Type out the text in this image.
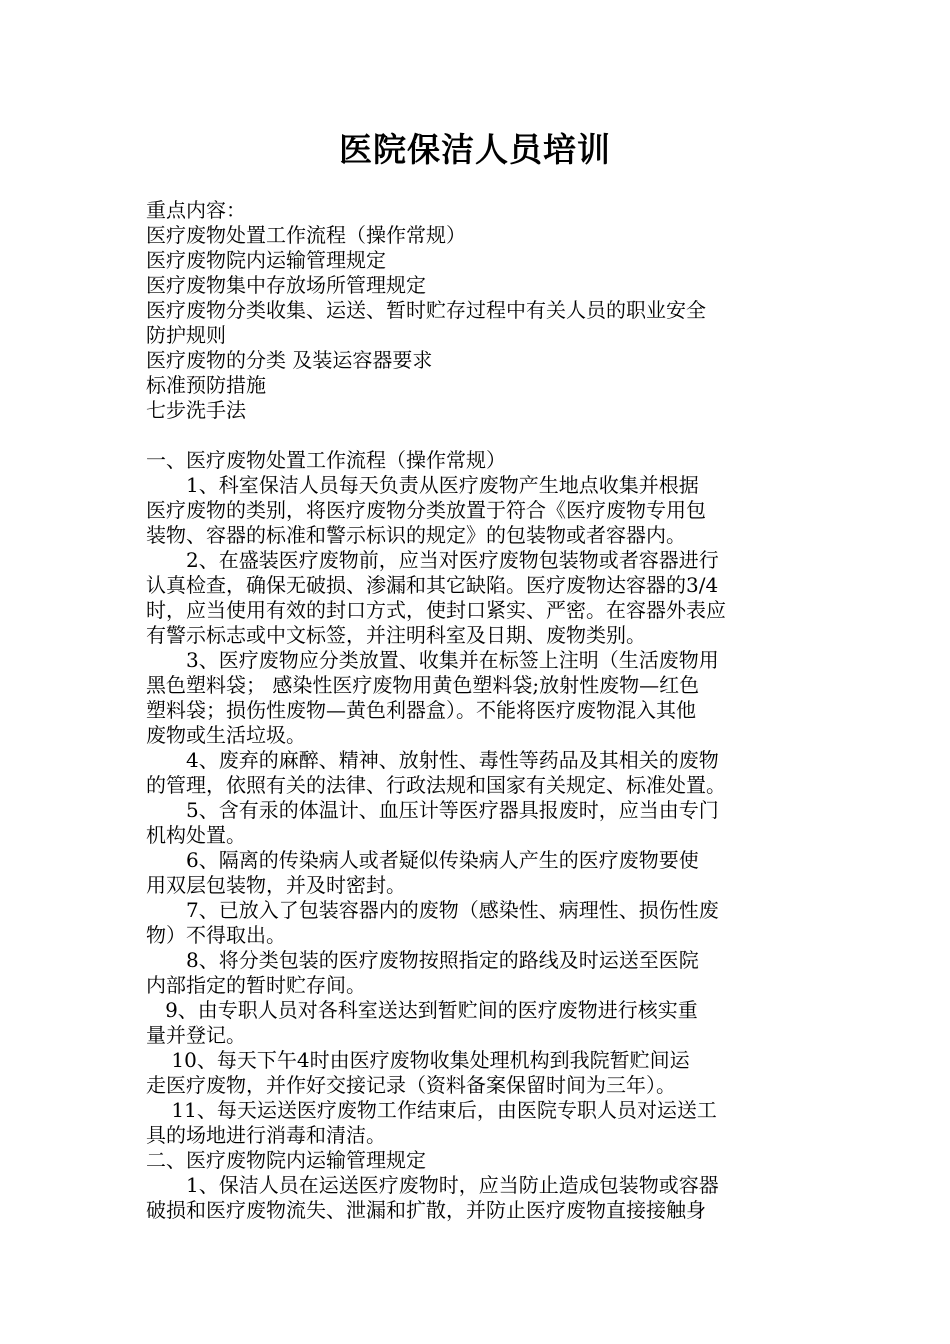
医院保洁人员培训
重点内容：
医疗废物处置工作流程（操作常规）
医疗废物院内运输管理规定
医疗废物集中存放场所管理规定
医疗废物分类收集、运送、暂时贮存过程中有关人员的职业安全
防护规则
医疗废物的分类 及装运容器要求
标准预防措施
七步洗手法
一、医疗废物处置工作流程（操作常规）
　　1、科室保洁人员每天负责从医疗废物产生地点收集并根据
医疗废物的类别，将医疗废物分类放置于符合《医疗废物专用包
装物、容器的标准和警示标识的规定》的包装物或者容器内。
　　2、在盛装医疗废物前，应当对医疗废物包装物或者容器进行
认真检查，确保无破损、渗漏和其它缺陷。医疗废物达容器的3/4
时，应当使用有效的封口方式，使封口紧实、严密。在容器外表应
有警示标志或中文标签，并注明科室及日期、废物类别。
　　3、医疗废物应分类放置、收集并在标签上注明（生活废物用
黑色塑料袋； 感染性医疗废物用黄色塑料袋;放射性废物—红色
塑料袋；损伤性废物—黄色利器盒）。不能将医疗废物混入其他
废物或生活垃圾。
　　4、废弃的麻醉、精神、放射性、毒性等药品及其相关的废物
的管理，依照有关的法律、行政法规和国家有关规定、标准处置。
　　5、含有汞的体温计、血压计等医疗器具报废时，应当由专门
机构处置。
　　6、隔离的传染病人或者疑似传染病人产生的医疗废物要使
用双层包装物，并及时密封。
　　7、已放入了包装容器内的废物（感染性、病理性、损伤性废
物）不得取出。
　　8、将分类包装的医疗废物按照指定的路线及时运送至医院
内部指定的暂时贮存间。
9、由专职人员对各科室送达到暂贮间的医疗废物进行核实重
量并登记。
10、每天下午4时由医疗废物收集处理机构到我院暂贮间运
走医疗废物，并作好交接记录（资料备案保留时间为三年）。
11、每天运送医疗废物工作结束后，由医院专职人员对运送工
具的场地进行消毒和清洁。
二、医疗废物院内运输管理规定
　　1、保洁人员在运送医疗废物时，应当防止造成包装物或容器
破损和医疗废物流失、泄漏和扩散，并防止医疗废物直接接触身
